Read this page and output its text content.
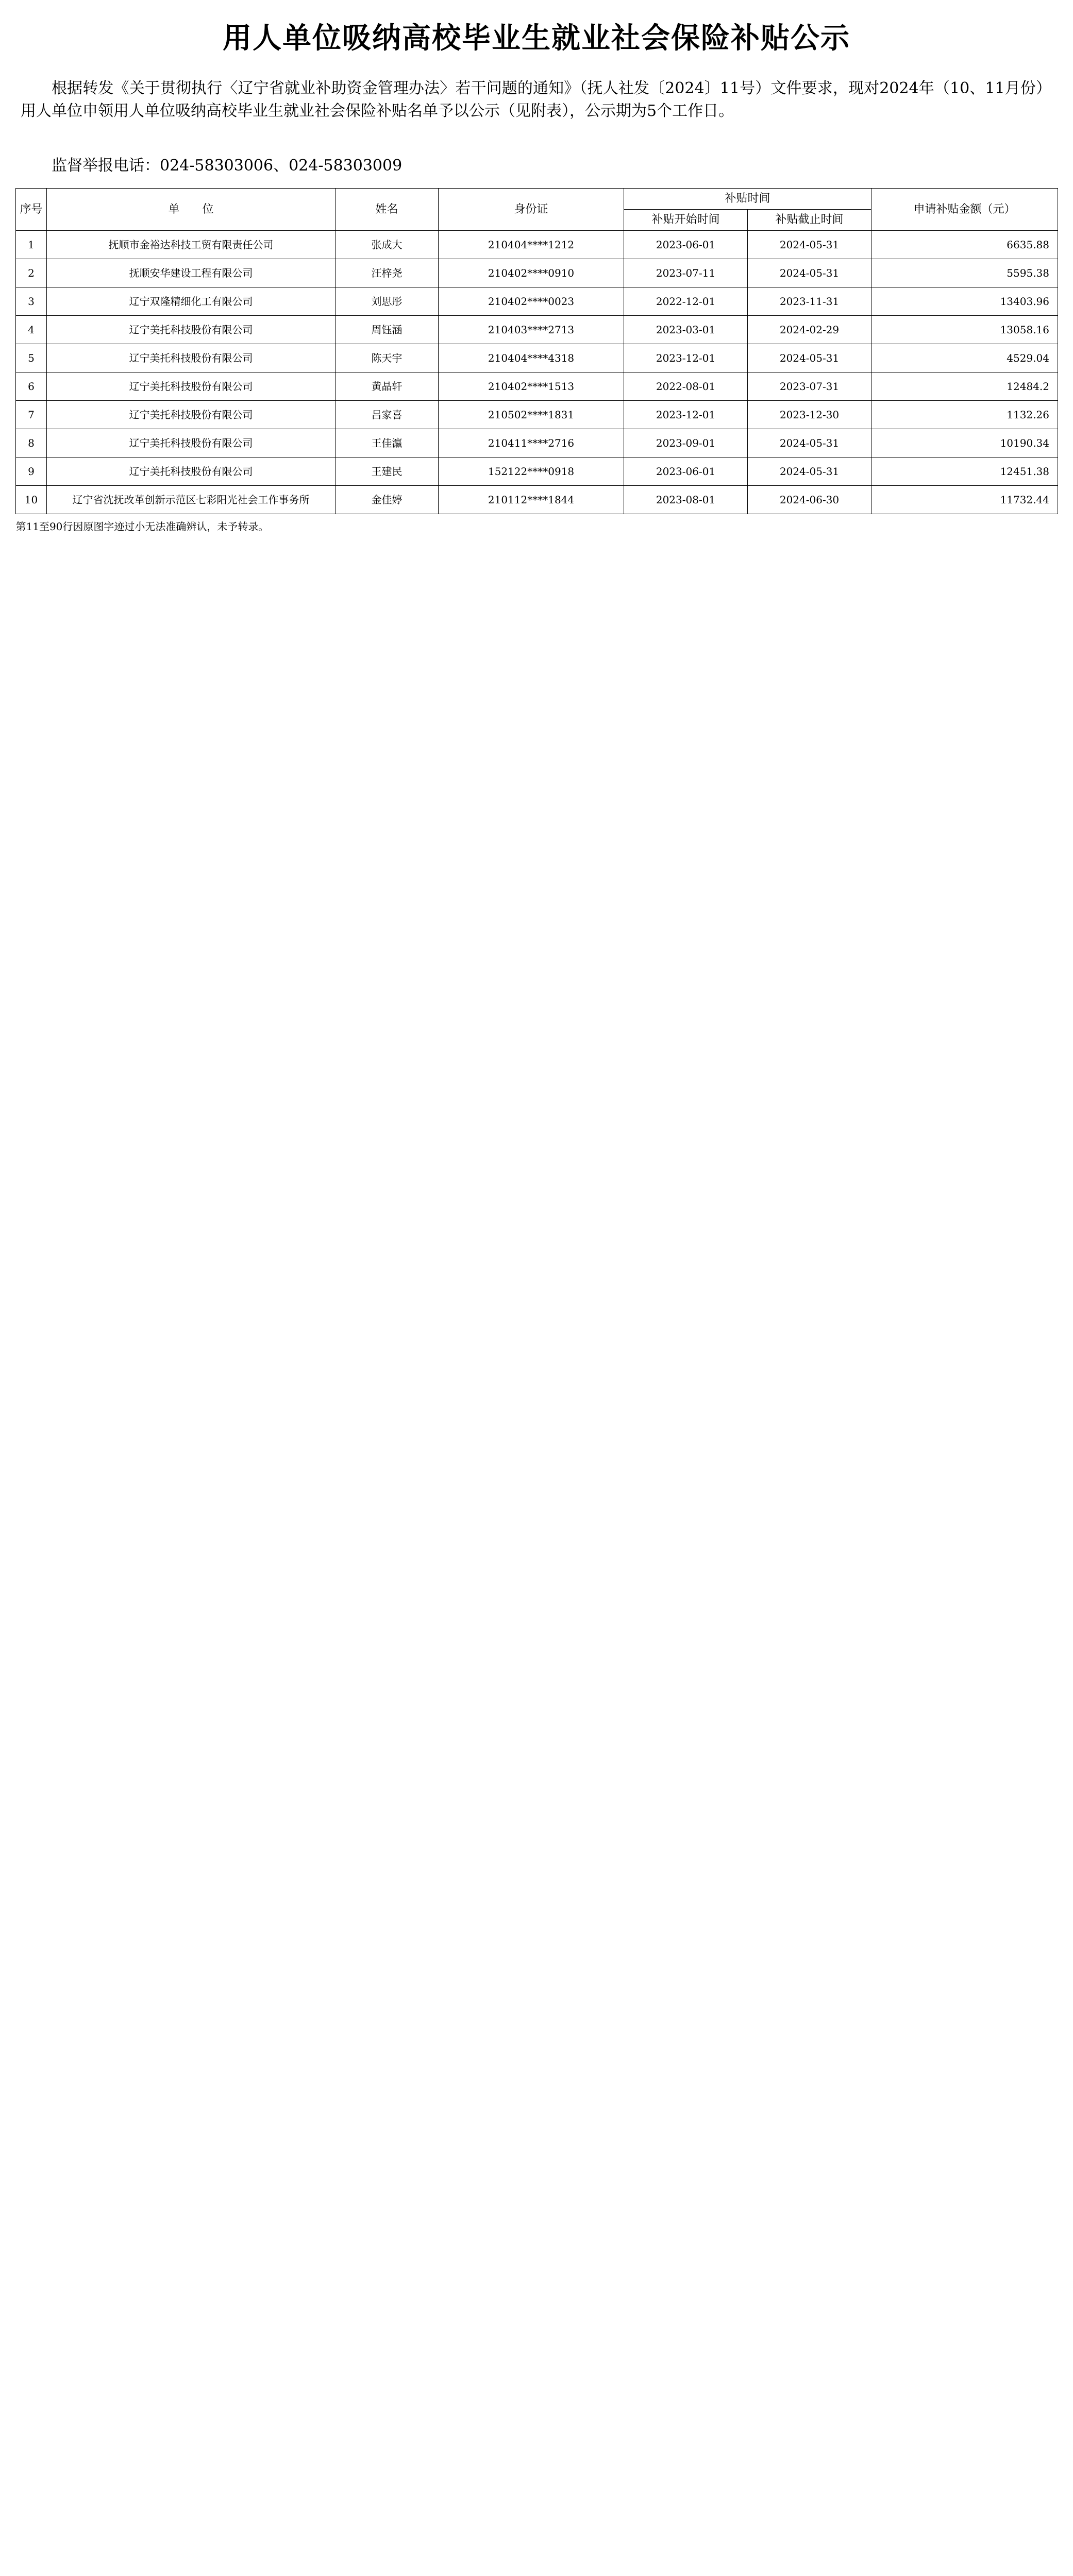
用人单位吸纳高校毕业生就业社会保险补贴公示
根据转发《关于贯彻执行〈辽宁省就业补助资金管理办法〉若干问题的通知》（抚人社发〔2024〕11号）文件要求，现对2024年（10、11月份）用人单位申领用人单位吸纳高校毕业生就业社会保险补贴名单予以公示（见附表），公示期为5个工作日。
监督举报电话：024-58303006、024-58303009
序号	单　　位	姓名	身份证	补贴时间		申请补贴金额（元）
				补贴开始时间	补贴截止时间	
1	抚顺市金裕达科技工贸有限责任公司	张成大	210404****1212	2023-06-01	2024-05-31	6635.88
2	抚顺安华建设工程有限公司	汪梓尧	210402****0910	2023-07-11	2024-05-31	5595.38
3	辽宁双隆精细化工有限公司	刘思彤	210402****0023	2022-12-01	2023-11-31	13403.96
4	辽宁美托科技股份有限公司	周钰涵	210403****2713	2023-03-01	2024-02-29	13058.16
5	辽宁美托科技股份有限公司	陈天宇	210404****4318	2023-12-01	2024-05-31	4529.04
6	辽宁美托科技股份有限公司	黄晶轩	210402****1513	2022-08-01	2023-07-31	12484.2
7	辽宁美托科技股份有限公司	吕家喜	210502****1831	2023-12-01	2023-12-30	1132.26
8	辽宁美托科技股份有限公司	王佳瀛	210411****2716	2023-09-01	2024-05-31	10190.34
9	辽宁美托科技股份有限公司	王建民	152122****0918	2023-06-01	2024-05-31	12451.38
10	辽宁省沈抚改革创新示范区七彩阳光社会工作事务所	金佳婷	210112****1844	2023-08-01	2024-06-30	11732.44
第11至90行因原图字迹过小无法准确辨认，未予转录。						
